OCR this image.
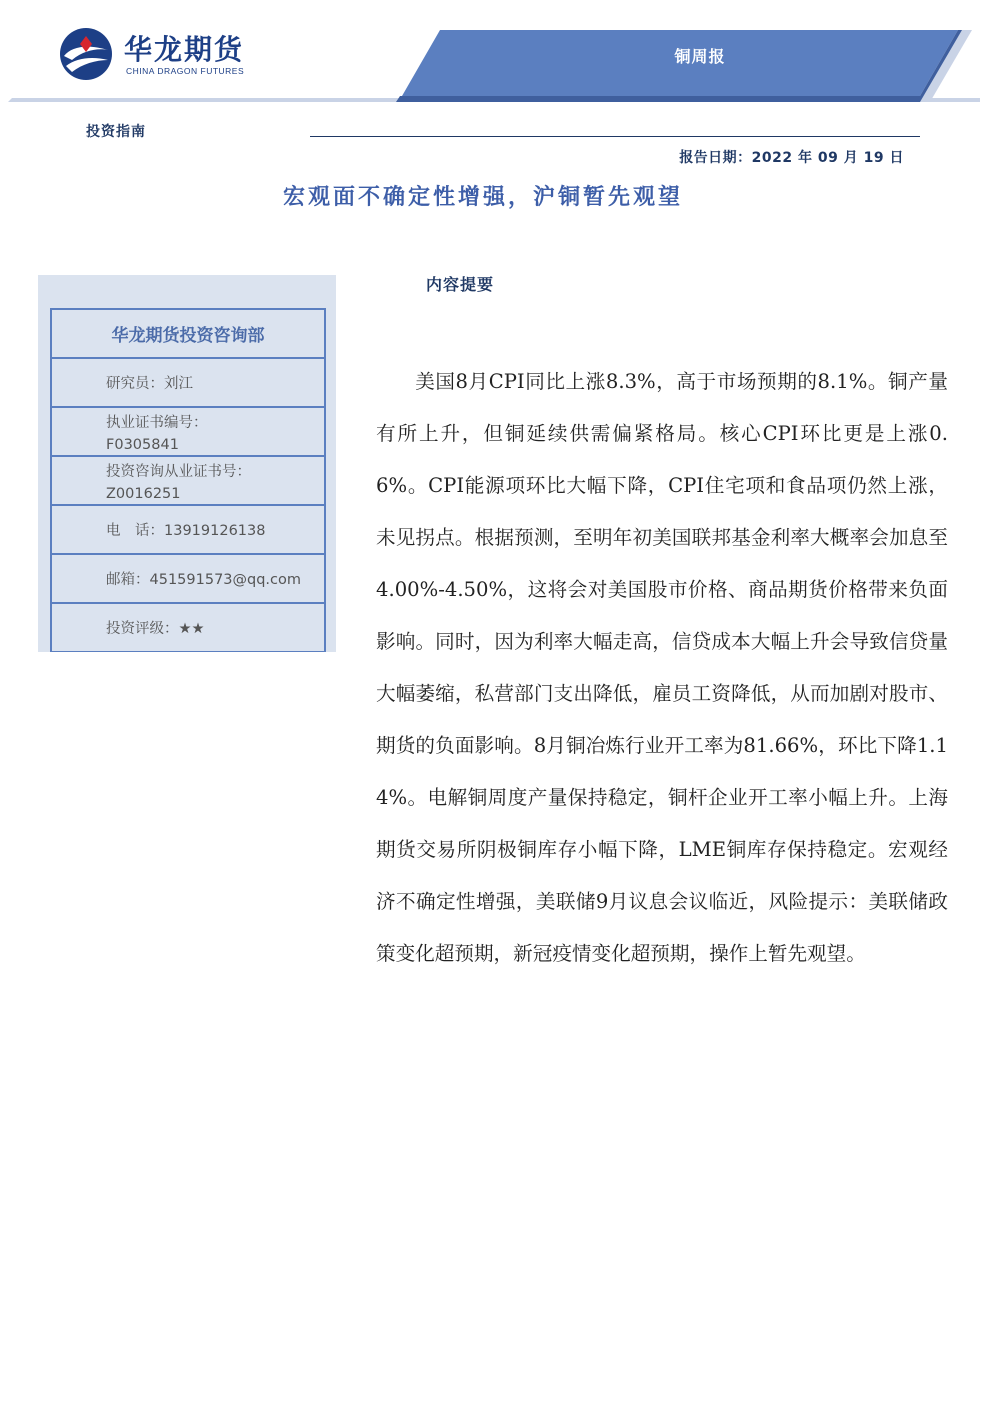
华龙期货
CHINA DRAGON FUTURES
铜周报
投资指南
报告日期：2022 年 09 月 19 日
宏观面不确定性增强，沪铜暂先观望
华龙期货投资咨询部
研究员：刘江
执业证书编号：
F0305841
投资咨询从业证书号：
Z0016251
电　话：13919126138
邮箱：451591573@qq.com
投资评级：★★
内容提要
美国8月CPI同比上涨8.3%，高于市场预期的8.1%。铜产量有所上升，但铜延续供需偏紧格局。核心CPI环比更是上涨0.6%。CPI能源项环比大幅下降，CPI住宅项和食品项仍然上涨，未见拐点。根据预测，至明年初美国联邦基金利率大概率会加息至4.00%-4.50%，这将会对美国股市价格、商品期货价格带来负面影响。同时，因为利率大幅走高，信贷成本大幅上升会导致信贷量大幅萎缩，私营部门支出降低，雇员工资降低，从而加剧对股市、期货的负面影响。8月铜冶炼行业开工率为81.66%，环比下降1.14%。电解铜周度产量保持稳定，铜杆企业开工率小幅上升。上海期货交易所阴极铜库存小幅下降，LME铜库存保持稳定。宏观经济不确定性增强，美联储9月议息会议临近，风险提示：美联储政策变化超预期，新冠疫情变化超预期，操作上暂先观望。
